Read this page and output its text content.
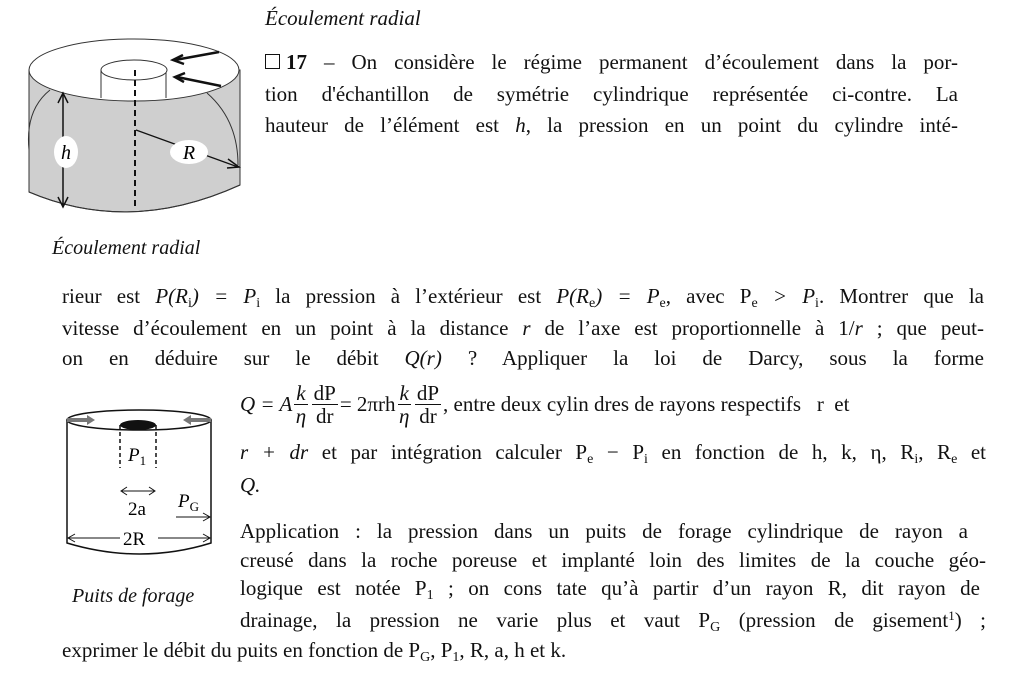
h	R
Écoulement radial
$P_1$
2a $P_G$
2R
Puits de forage
Écoulement radial
17 – On considère le régime permanent d’écoulement dans la por-
tion d'échantillon de symétrie cylindrique représentée ci-contre. La
hauteur de l’élément est h, la pression en un point du cylindre inté-
rieur est $P(R_i) = P_i$ la pression à l’extérieur est $P(R_e) = P_e$, avec $P_e > P_i$. Montrer que la
vitesse d’écoulement en un point à la distance r de l’axe est proportionnelle à 1/r ; que peut-
on en déduire sur le débit Q(r) ? Appliquer la loi de Darcy, sous la forme
Q = A $\frac{k}{\eta} \frac{dP}{dr} = 2\pi rh \frac{k}{\eta} \frac{dP}{dr}$ , entre deux cylin dres de rayons respectifs   r  et
r + dr et par intégration calculer $P_e - P_i$ en fonction de h, k, η, $R_i$, $R_e$ et
Q.
Application : la pression dans un puits de forage cylindrique de rayon a
creusé dans la roche poreuse et implanté loin des limites de la couche géo-
logique est notée $P_1$ ; on cons tate qu’à partir d’un rayon R, dit rayon de
drainage, la pression ne varie plus et vaut $P_G$ (pression de gisement$^1$) ;
exprimer le débit du puits en fonction de $P_G$, $P_1$, R, a, h et k.
